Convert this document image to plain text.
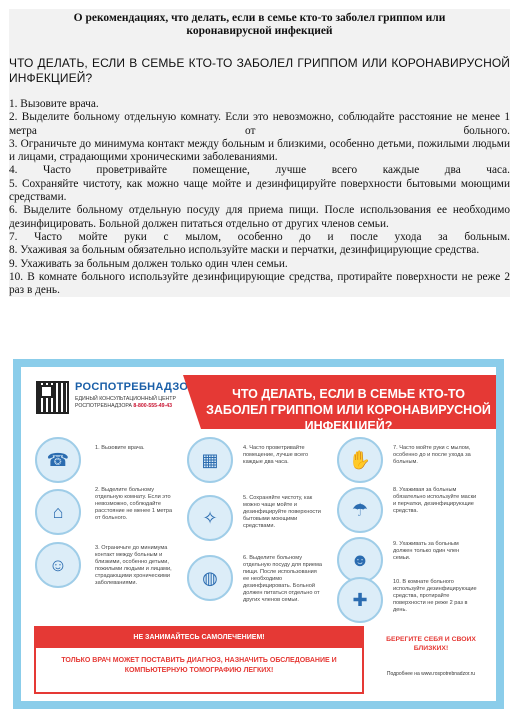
О рекомендациях, что делать, если в семье кто-то заболел гриппом или коронавирусной инфекцией
ЧТО ДЕЛАТЬ, ЕСЛИ В СЕМЬЕ КТО-ТО ЗАБОЛЕЛ ГРИППОМ ИЛИ КОРОНАВИРУСНОЙ ИНФЕКЦИЕЙ?
1. Вызовите врача.
2. Выделите больному отдельную комнату. Если это невозможно, соблюдайте расстояние не менее 1 метра от больного.
3. Ограничьте до минимума контакт между больным и близкими, особенно детьми, пожилыми людьми и лицами, страдающими хроническими заболеваниями.
4. Часто проветривайте помещение, лучше всего каждые два часа.
5. Сохраняйте чистоту, как можно чаще мойте и дезинфицируйте поверхности бытовыми моющими средствами.
6. Выделите больному отдельную посуду для приема пищи. После использования ее необходимо дезинфицировать. Больной должен питаться отдельно от других членов семьи.
7. Часто мойте руки с мылом, особенно до и после ухода за больным.
8. Ухаживая за больным обязательно используйте маски и перчатки, дезинфицирующие средства.
9. Ухаживать за больным должен только один член семьи.
10. В комнате больного используйте дезинфицирующие средства, протирайте поверхности не реже 2 раз в день.
РОСПОТРЕБНАДЗОР
ЕДИНЫЙ КОНСУЛЬТАЦИОННЫЙ ЦЕНТР
РОСПОТРЕБНАДЗОРА 8-800-555-49-43
ЧТО ДЕЛАТЬ, ЕСЛИ В СЕМЬЕ КТО-ТО ЗАБОЛЕЛ ГРИППОМ ИЛИ КОРОНАВИРУСНОЙ ИНФЕКЦИЕЙ?
☎
1. Вызовите врача.
⌂
2. Выделите больному отдельную комнату. Если это невозможно, соблюдайте расстояние не менее 1 метра от больного.
☺
3. Ограничьте до минимума контакт между больным и близкими, особенно детьми, пожилыми людьми и лицами, страдающими хроническими заболеваниями.
▦
4. Часто проветривайте помещение, лучше всего каждые два часа.
✧
5. Сохраняйте чистоту, как можно чаще мойте и дезинфицируйте поверхности бытовыми моющими средствами.
◍
6. Выделите больному отдельную посуду для приема пищи. После использования ее необходимо дезинфицировать. Больной должен питаться отдельно от других членов семьи.
✋
7. Часто мойте руки с мылом, особенно до и после ухода за больным.
☂
8. Ухаживая за больным обязательно используйте маски и перчатки, дезинфицирующие средства.
☻
9. Ухаживать за больным должен только один член семьи.
✚
10. В комнате больного используйте дезинфицирующие средства, протирайте поверхности не реже 2 раз в день.
НЕ ЗАНИМАЙТЕСЬ САМОЛЕЧЕНИЕМ!
ТОЛЬКО ВРАЧ МОЖЕТ ПОСТАВИТЬ ДИАГНОЗ, НАЗНАЧИТЬ ОБСЛЕДОВАНИЕ И КОМПЬЮТЕРНУЮ ТОМОГРАФИЮ ЛЕГКИХ!
БЕРЕГИТЕ СЕБЯ И СВОИХ БЛИЗКИХ!
Подробнее на www.rospotrebnadzor.ru
